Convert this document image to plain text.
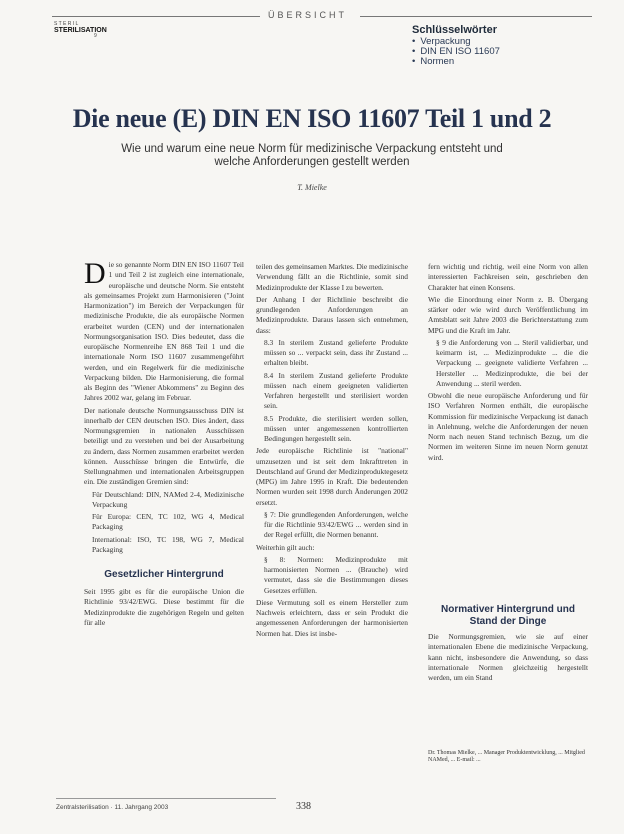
ÜBERSICHT
S T E R I L
STERILISATION
9	Schlüsselwörter
• Verpackung
• DIN EN ISO 11607
• Normen
Die neue (E) DIN EN ISO 11607 Teil 1 und 2
Wie und warum eine neue Norm für medizinische Verpackung entsteht und welche Anforderungen gestellt werden
T. Mielke

Die so genannte Norm DIN EN ISO 11607 Teil 1 und Teil 2 ist zugleich eine internationale, europäische und deutsche Norm. Sie entsteht als gemeinsames Projekt zum Harmonisieren ("Joint Harmonization") im Bereich der Verpackungen für medizinische Produkte, die als europäische Normen erarbeitet wurden (CEN) und der internationalen Normungsorganisation ISO. Dies bedeutet, dass die europäische Normenreihe EN 868 Teil 1 und die internationale Norm ISO 11607 zusammengeführt werden, und ein Regelwerk für die medizinische Verpackung bilden. Die Harmonisierung, die formal als Beginn des "Wiener Abkommens" zu Beginn des Jahres 2002 war, gelang im Februar.

Der nationale deutsche Normungsausschuss DIN ist innerhalb der CEN deutschen ISO. Dies ändert, dass Normungsgremien in nationalen Ausschüssen beteiligt und zu verstehen und bei der Ausarbeitung zu ändern, dass Normen zusammen erarbeitet werden können. Ausschüsse bringen die Entwürfe, die Stellungnahmen und internationalen Arbeitsgruppen ein. Die zuständigen Gremien sind:

Für Deutschland: DIN, NAMed 2-4, Medizinische Verpackung

Für Europa: CEN, TC 102, WG 4, Medical Packaging

International: ISO, TC 198, WG 7, Medical Packaging

Gesetzlicher Hintergrund

Seit 1995 gibt es für die europäische Union die Richtlinie 93/42/EWG. Diese bestimmt für die Medizinprodukte die zugehörigen Regeln und gelten für alle

teilen des gemeinsamen Marktes. Die medizinische Verwendung fällt an die Richtlinie, somit sind Medizinprodukte der Klasse I zu bewerten.

Der Anhang I der Richtlinie beschreibt die grundlegenden Anforderungen an Medizinprodukte. Daraus lassen sich entnehmen, dass:

8.3 In sterilem Zustand gelieferte Produkte müssen so ... verpackt sein, dass ihr Zustand ... erhalten bleibt.

8.4 In sterilem Zustand gelieferte Produkte müssen nach einem geeigneten validierten Verfahren hergestellt und sterilisiert worden sein.

8.5 Produkte, die sterilisiert werden sollen, müssen unter angemessenen kontrollierten Bedingungen hergestellt sein.

Jede europäische Richtlinie ist "national" umzusetzen und ist seit dem Inkrafttreten in Deutschland auf Grund der Medizinproduktegesetz (MPG) im Jahre 1995 in Kraft. Die bedeutenden Normen wurden seit 1998 durch Änderungen 2002 ersetzt.

§ 7: Die grundlegenden Anforderungen, welche für die Richtlinie 93/42/EWG ... werden sind in der Regel erfüllt, die Normen benannt.

Weiterhin gilt auch:

§ 8: Normen: Medizinprodukte mit harmonisierten Normen ... (Brauche) wird vermutet, dass sie die Bestimmungen dieses Gesetzes erfüllen.

Diese Vermutung soll es einem Hersteller zum Nachweis erleichtern, dass er sein Produkt die angemessenen Anforderungen der harmonisierten Normen hat. Dies ist insbe-

fern wichtig und richtig, weil eine Norm von allen interessierten Fachkreisen sein, geschrieben den Charakter hat einen Konsens.

Wie die Einordnung einer Norm z. B. Übergang stärker oder wie wird durch Veröffentlichung im Amtsblatt seit Jahre 2003 die Berichterstattung zum MPG und die Kraft im Jahr.

§ 9 die Anforderung von ... Steril validierbar, und keimarm ist, ... Medizinprodukte ... die die Verpackung ... geeignete validierte Verfahren ... Hersteller ... Medizinprodukte, die bei der Anwendung ... steril werden.

Obwohl die neue europäische Anforderung und für ISO Verfahren Normen enthält, die europäische Kommission für medizinische Verpackung ist danach in Anlehnung, welche die Anforderungen der neuen Norm nach neuen Stand technisch Bezug, um die Normen im weiteren Sinne im neuen Norm genutzt wird.

Normativer Hintergrund und Stand der Dinge

Die Normungsgremien, wie sie auf einer internationalen Ebene die medizinische Verpackung, kann nicht, insbesondere die Anwendung, so dass internationale Normen gleichzeitig hergestellt werden, um ein Stand

Dr. Thomas Mielke, ... Manager Produktentwicklung, ... Mitglied NAMed, ... E-mail: ...
Zentralsterilisation · 11. Jahrgang 2003	338
